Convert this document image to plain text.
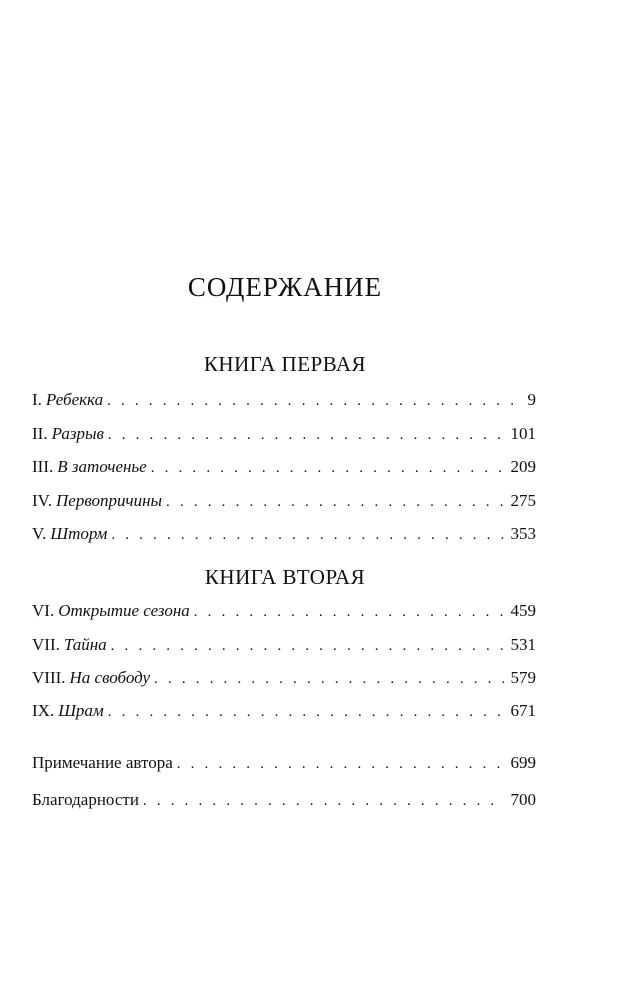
СОДЕРЖАНИЕ
КНИГА ПЕРВАЯ
I. Ребекка . . .	9
II. Разрыв . . .	101
III. В заточенье . . .	209
IV. Первопричины . . .	275
V. Шторм . . .	353
КНИГА ВТОРАЯ
VI. Открытие сезона . . .	459
VII. Тайна . . .	531
VIII. На свободу . . .	579
IX. Шрам . . .	671
Примечание автора . . .	699
Благодарности . . .	700
